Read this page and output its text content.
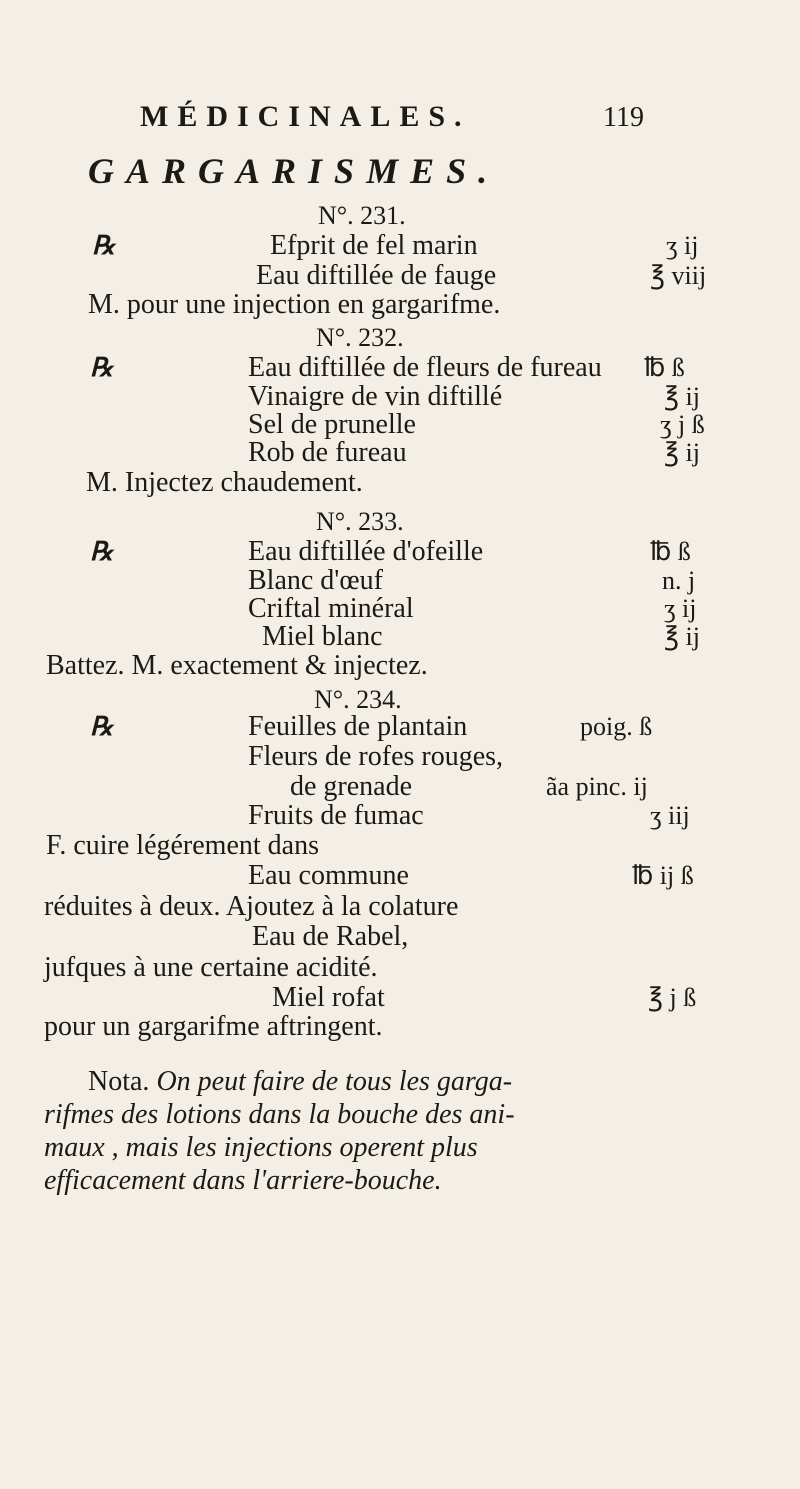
MÉDICINALES.	119
GARGARISMES.
N°. 231.
℞	Efprit de fel marin	ʒ ij
Eau diftillée de fauge	℥ viij
M. pour une injection en gargarifme.
N°. 232.
℞	Eau diftillée de fleurs de fureau ℔ ß
Vinaigre de vin diftillé	℥ ij
Sel de prunelle	ʒ j ß
Rob de fureau	℥ ij
M. Injectez chaudement.
N°. 233.
℞	Eau diftillée d'ofeille	℔ ß
Blanc d'œuf	n. j
Criftal minéral	ʒ ij
Miel blanc	℥ ij
Battez. M. exactement & injectez.
N°. 234.
℞	Feuilles de plantain	poig. ß
Fleurs de rofes rouges,
de grenade	ãa pinc. ij
Fruits de fumac	ʒ iij
F. cuire légérement dans
Eau commune	℔ ij ß
réduites à deux. Ajoutez à la colature
Eau de Rabel,
jufques à une certaine acidité.
Miel rofat	℥ j ß
pour un gargarifme aftringent.
Nota. On peut faire de tous les garga-
rifmes des lotions dans la bouche des ani-
maux , mais les injections operent plus
efficacement dans l'arriere-bouche.
